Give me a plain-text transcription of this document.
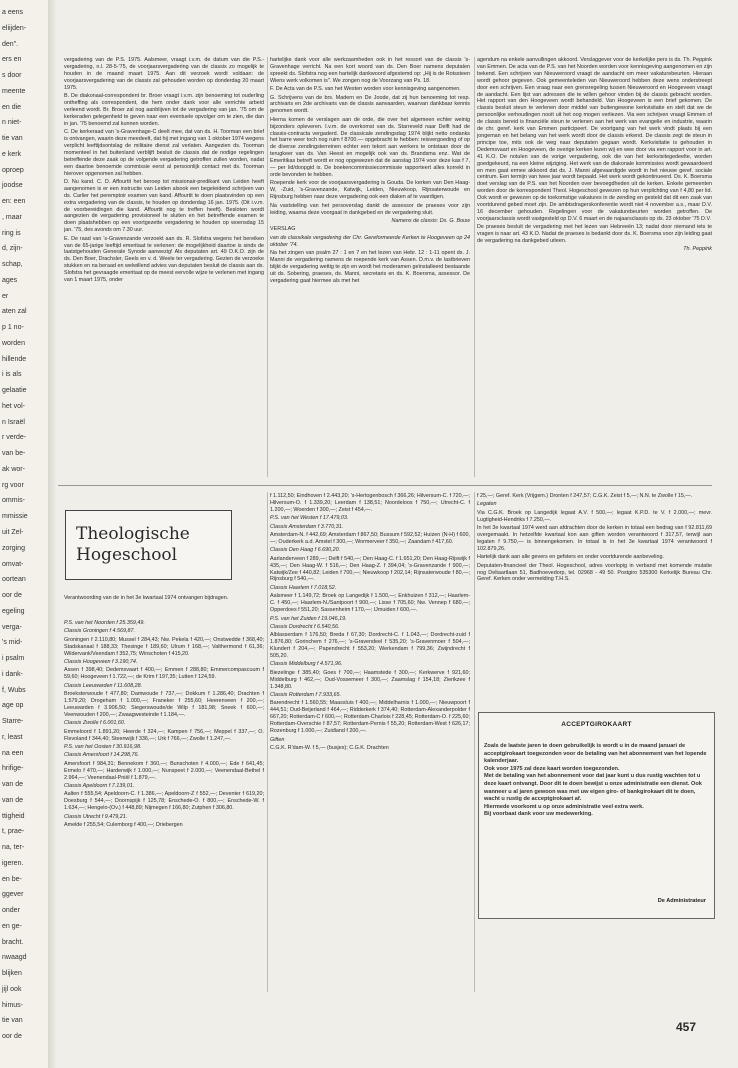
a eens
eliijden-
den".
ers en
s door
meente
en die
n niet-
tie van
e kerk
oproep
joodse
en: een
, maar
ring is
d, zijn-
schap,
ages
er
aten zal
p 1 no-
worden
hillende
i is als
gelaatie
het vol-
n Israël
r verde-
van be-
ak wor-
rg voor
ommis-
mmissie
uit Zel-
zorging
omvat-
oortean
oor de
egeling
verga-
's mid-
i psalm
i dank-
f, Wubs
age op
Starre-
r, least
na een
hrifige-
van de
van de
ttigheid
t, prae-
na, ter-
igeren.
en be-
ggever
onder
en ge-
bracht.
nwaagd
blijken
jijl ook
himus-
tie van
oor de

vergadering van de P.S. 1975. Aalsmeer, vraagt i.v.m. de datum van die P.S.-vergadering, n.l. 28-5-'75, de voorjaarsvergadering van de classis zo mogelijk te houden in de maand maart 1975. Aan dit verzoek wordt voldaan: de voorjaarsvergadering van de classis zal gehouden worden op donderdag 20 maart 1975.

B. De diakonaal-correspondent br. Broer vraagt i.v.m. zijn benoeming tot ouderling ontheffing als correspondent, die hem onder dank voor alle verrichte arbeid verleend wordt. Br. Broer zal nog aanblijven tot de vergadering van jan. '75 om de kerkeraden gelegenheid te geven naar een eventuele opvolger om te zien, die dan in jan. '75 benoemd zal kunnen worden.

C. De kerkeraad van 's-Gravenhage-C deelt mee, dat van ds. H. Toorman een brief is ontvangen, waarin deze meedeelt, dat hij met ingang van 1 oktober 1974 wegens verplicht leeftijdsontslag de militaire dienst zal verlaten. Aangezien ds. Toorman momenteel in het buitenland verblijft besluit de classis dat de nodige regelingen betreffende deze zaak op de volgende vergadering getroffen zullen worden, nadat een daartoe benoemde commissie eerst al persoonlijk contact met ds. Toorman hierover opgenomen zal hebben.

D. Nu kand. C. D. Affourtit het beroep tot missionair-predikant van Leiden heeft aangenomen is er een instructie van Leiden alsook een begeleidend schrijven van ds. Carlier het peremptoir examen van kand. Affourtit te doen plaatsvinden op een extra vergadering van de classis, te houden op donderdag 16 jan. 1975. (Dit i.v.m. de voorbereidingen die kand. Affourtit nog te treffen heeft). Besloten wordt aangezien de vergadering provisioneel te sluiten en het betreffende examen te doen plaatshebben op een voortgezette vergadering te houden op woensdag 15 jan. '75, des avonds om 7.30 uur.

E. De raad van 's-Gravenzande verzoekt aan ds. R. Slofstra wegens het bereiken van de 65-jarige leeftijd emeritaat te verlenen: de mogelijkheid daartoe is sinds de laatstgehouden Generale Synode aanwezig! Als deputaten art. 49 D.K.O. zijn de ds. Den Boer, Drachsler, Geels en v. d. Weele ter vergadering. Gezien de verzoeke stukken en na beraad en welwillend advies van deputaten besluit de classis aan ds. Slofstra het gevraagde emeritaat op de meest eervolle wijze te verlenen met ingang van 1 maart 1975, onder

hartelijke dank voor alle werkzaamheden ook in het ressort van de classis 's-Gravenhage verricht. Na een kort woord van ds. Den Boer namens deputaten spreekt ds. Slofstra nog een hartelijk dankwoord afgestemd op: „Hij is de Rotssteen Wiens werk volkomen is". We zongen nog de Voorzang van Ps. 18.

F. De Acta van de P.S. van het Westen worden voor kennisgeving aangenomen.

G. Schrijvens van de brs. Madern en De Joode, dat zij hun benoeming tot resp. archivaris en 2de archivaris van de classis aanvaarden, waarvan dankbaar kennis genomen wordt.

Hierna komen de verslagen aan de orde, die over het algemeen echter weinig bijzonders opleveren. I.v.m. de overkomst van ds. Starreveld naar Delft had de classis-contracta vergaderd. De classicale zendingsdag 1974 blijkt netto ondanks het barre weer toch nog ruim f 8700.— opgebracht te hebben: reisvergoeding of op de diverse zendingsterreinen echter een tekort aan werkers te ontstaan door de terugkeer van ds. Van Heest en mogelijk ook van ds. Brandsma enz. Wat de Emeritikas betreft wordt er nog opgewezen dat de aanslag 1974 voor deze kas f 7,— per lid/doopgid is. De boekencommissiecommissie rapporteert alles korrekt in orde bevonden te hebben.

Roepende kerk voor de voorjaarsvergadering is Gouda. De kerken van Den Haag-W, -Zuid, 's-Gravenzande, Katwijk, Leiden, Nieuwkoop, Rijnsaterwoude en Rijnsburg hebben naar deze vergadering ook een diaken af te vaardigen.

Na vaststelling van het persoverslag dankt de assessor de praeses voor zijn leiding, waarna deze voorgaat in dankgebed en de vergadering sluit.

Namens de classis: Ds. G. Bouw

VERSLAG

van de classikale vergadering der Chr. Gereformeerde Kerken te Hoogeveen op 24 oktober '74.

Na het zingen van psalm 27 : 1 en 7 en het lezen van Hebr. 12 : 1-11 opent ds. J. Manni de vergadering namens de roepende kerk van Assen. D.m.v. de lastbrieven blijkt de vergadering wettig te zijn en wordt het moderamen geïnstalleerd bestaande uit ds. Sobering, praeses, ds. Manni, secretaris en ds. K. Boersma, assessor. De vergadering gaat hiermee als met het

agendum na enkele aanvullingen akkoord. Verslaggever voor de kerkelijke pers is ds. Th. Peppink van Emmen. De acta van de P.S. van het Noorden worden voor kennisgeving aangenomen en zijn bekend. Een schrijven van Nieuweroord vraagt de aandacht om meer vakaturebeurten. Hieraan wordt gehoor gegeven. Ook gemeenteleden van Nieuweroord hebben deze wens onderstreept door een schrijven. Een vraag naar een grensregeling tussen Nieuweroord en Hoogeveen vraagt de aandacht. Een lijst van adressen die te willen gehoor vinden bij de classis gebracht worden. Het rapport van den Hoogeveen wordt behandeld. Van Hoogeveen is een brief gekomen. De classis besluit steun te verlenen door middel van buitengewone kerkvisitatie en stelt dat we de persoonlijke verhoudingen nooit uit het oog mogen verliezen. Via een schrijven vraagt Emmen of de classis bereid is financiële steun te verlenen aan het werk van evangelie en industrie, waarin de chr. geref. kerk van Emmen participeert. De voortgang van het werk vindt plaats bij een jongeman en het belang van het werk wordt door de classis erkend. De classis zegt de steun in principe toe, mits ook de weg naar deputaten gegaan wordt. Kerkvisitatie is gehouden in Dedemsvaart en Hoogeveen, de overige kerken lezen wij en wee door via een rapport voor in art. 41 K.O. De notulen van de vorige vergadering, ook die van het kerkvisitegedeelte, worden goedgekeurd, na een kleine wijziging. Het werk van de diakonale kommissies wordt gewaardeerd en men gaat ermee akkoord dat ds. J. Manni afgevaardigde wordt in het nieuwe geref. sociale centrum. Een termijn van twee jaar wordt bepaald. Het werk wordt gekontinueerd. Ds. K. Boersma doet verslag van de P.S. van het Noorden over bevoegdheden uit de kerken. Enkele gemeenten worden door de korrespondent Theol. Hogeschool gewezen op hun verplichting van f 4,80 per lid. Ook wordt er gewezen op de toekomstige vakatures in de zending en gesteld dat dit een zaak van voortdurend gebed moet zijn. De ambtsdragerskonferentie wordt niet 4 november a.s., maar D.V. 16 december gehouden. Regelingen voor de vakaturebeurten worden getroffen. De voorjaarsclassis wordt vastgesteld op D.V. 6 maart en de najaarsclassis op ds. 23 oktober '75 D.V.

De praeses besluit de vergadering met het lezen van Hebreeën 13; nadat door niemand iets te vragen is naar art. 43 K.O. Nadat de praeses is bedankt door ds. K. Boersma voor zijn leiding gaat de vergadering na dankgebed uiteen.

Th. Peppink

Theologische
Hogeschool

Verantwoording van de in het 3e kwartaal 1974 ontvangen bijdragen.

P.S. van het Noorden f 25.359,49.

Classis Groningen f 4.569,87.

Groningen f 2.110,80; Mussel f 284,43; Nw. Pekela f 420,—; Onstwedde f 368,40; Stadskanaal f 188,33; Thesinge f 189,60; Ulrum f 168,—; Valthermond f 61,36; Wildervank/Veendam f 352,75; Winschoten f 415,20.

Classis Hoogeveen f 3.190,74.

Assen f 398,40; Dedemsvaart f 400,—; Emmen f 288,80; Emmercompascuum f 59,60; Hoogeveen f 1.722,—; de Krim f 197,35; Lutten f 124,59.

Classis Leeuwarden f 11.608,28.

Broeksterwoude f 477,80; Damwoude f 737,—; Dokkum f 1.286,40; Drachten f 1.579,20; Drogeham f 1.000,—; Franeker f 255,60; Heerenveen f 200,—; Leeuwarden f 3.906,50; Siegerswoude/de Wilp f 181,98; Sneek f 600,—; Veenwouden f 200,—; Zwaagwesteinde f 1.184,—.

Classis Zwolle f 6.001,60.

Emmeloord f 1.891,20; Heerde f 324,—; Kampen f 756,—; Meppel f 337,—; O. Flevoland f 344,40; Steenwijk f 336,—; Urk f 766,—; Zwolle f 1.247,—.

P.S. van het Oosten f 30.916,98.

Classis Amersfoort f 14.298,76.

Amersfoort f 984,31; Bennekom f 360,—; Bunschoten f 4.000,—; Ede f 641,45; Ermelo f 470,—; Harderwijk f 1.000,—; Nunspeet f 2.000,—; Veenendaal-Bethel f 2.964,—; Veenendaal-Pniël f 1.879,—.

Classis Apeldoorn f 7.139,01.

Aalten f 555,54; Apeldoorn-C. f 1.386,—; Apeldoorn-Z f 552,—; Deventer f 619,20; Doesburg f 544,—; Doornspijk f 125,78; Enschede-O. f 800,—; Enschede-W. f 1.634,—; Hengelo-(Ov.) f 448,89; Nijmegen f 166,80; Zutphen f 306,80.

Classis Utrecht f 9.479,21.

Amelde f 255,54; Culemborg f 400,—; Driebergen

f 1.112,50; Eindhoven f 2.443,20; 's-Hertogenbosch f 366,26; Hilversum-C. f 720,—; Hilversum-O. f 1.339,20; Leerdam f 138,51; Noordeloos f 750,—; Utrecht-C. f 1.200,—; Woerden f 300,—; Zeist f 454,—.

P.S. van het Westen f 17.479,03.

Classis Amsterdam f 3.770,31.

Amsterdam-N. f 442,69; Amsterdam f 867,50; Bussum f 592,52; Huizen (N-H) f 600,—; Ouderkerk a.d. Amstel f 300,—; Wormerveer f 350,—; Zaandam f 417,60.

Classis Den Haag f 6.690,20.

Aarlanderveen f 289,—; Delft f 540,—; Den Haag-C. f 1.651,20; Den Haag-Rijswijk f 435,—; Den Haag-W. f 516,—; Den Haag-Z. f 394,04; 's-Gravenzande f 900,—; Katwijk/Zee f 440,82; Leiden f 700,—; Nieuwkoop f 202,14; Rijnsaterwoude f 80,—; Rijnsburg f 540,—.

Classis Haarlem f 7.018,52.

Aalsmeer f 1.149,72; Broek op Langedijk f 1.500,—; Enkhuizen f 312,—; Haarlem-C. f 450,—; Haarlem-N./Santpoort f 900,—; Lisse f 705,60; Nw. Vennep f 680,—; Opperdoes f 551,20; Sassenheim f 170,—; IJmuiden f 600,—.

P.S. van het Zuiden f 19.046,19.

Classis Dordrecht f 6.540,56.

Alblasserdam f 176,50; Breda f 67,30; Dordrecht-C. f 1.043,—; Dordrecht-zuid f 1.876,80; Gorinchem f 276,—; 's-Gravendeel f 535,20; 's-Gravenmoer f 504,—; Klundert f 204,—; Papendrecht f 553,20; Werkendam f 799,36; Zwijndrecht f 505,20.

Classis Middelburg f 4.571,96.

Biezelinge f 385,40; Goes f 700,—; Haamstede f 300,—; Kerkwerve f 921,60; Middelburg f 462,—; Oud-Vossemeer f 300,—; Zaamslag f 154,18; Zierikzee f 1.348,80.

Classis Rotterdam f 7.933,65.

Barendrecht f 1.560,55; Maassluis f 400,—; Middelharnis f 1.000,—; Nieuwpoort f 444,51; Oud-Beijerland f 464,—; Ridderkerk f 374,40; Rotterdam-Alexanderpolder f 667,20; Rotterdam-C f 600,—; Rotterdam-Charlois f 228,45; Rotterdam-O. f 225,60; Rotterdam-Overschie f 87,57; Rotterdam-Pernis f 55,20; Rotterdam-West f 626,17; Rozenburg f 1.000,—; Zuidland f 200,—.

Giften

C.G.K. R'dam-W. f 5,— (busjes); C.G.K. Drachten

f 25,—; Geref. Kerk (Vrijgem.) Dronten f 247,57; C.G.K. Zeist f 5,—; N.N. te Zwolle f 15,—.

Legaten

Via C.G.K. Broek op Langedijk legaat A.V. f 500,—; legaat K.P.D. te V. f 2.000,—; mevr. Lugtigheid-Hendriks f 7.250,—.

In het 3e kwartaal 1974 werd aan afdrachten door de kerken in totaal een bedrag van f 92.811,69 overgemaakt. In hetzelfde kwartaal kon aan giften worden verantwoord f 317,57, terwijl aan legaten f 9.750,— is binnengekomen. In totaal is in het 3e kwartaal 1974 verantwoord f 102.879,26.

Hartelijk dank aan alle gevers en gefsters en onder voortdurende aanbeveling.

Deputaten-financieel der Theol. Hogeschool, adres voorlopig in verband met komende mutatie nog Deltaartlaan 51, Badhoevedorp, tel. 02968 - 49 50. Postgiro 535300 Kerkelijk Bureau Chr. Geref. Kerken onder vermelding T.H.S.

ACCEPTGIROKAART

Zoals de laatste jaren te doen gebruikelijk is wordt u in de maand januari de acceptgirokaart toegezonden voor de betaling van het abonnement van het lopende kalenderjaar.

Ook voor 1975 zal deze kaart worden toegezonden.

Met de betaling van het abonnement voor dat jaar kunt u dus rustig wachten tot u deze kaart ontvangt. Door dit te doen bewijst u onze administratie een dienst. Ook wanneer u al jaren gewoon was met uw eigen giro- of bankgirokaart dit te doen, wacht u rustig de acceptgirokaart af.

Hiermede voorkomt u op onze administratie veel extra werk.

Bij voorbaat dank voor uw medewerking.

De Administrateur
457
